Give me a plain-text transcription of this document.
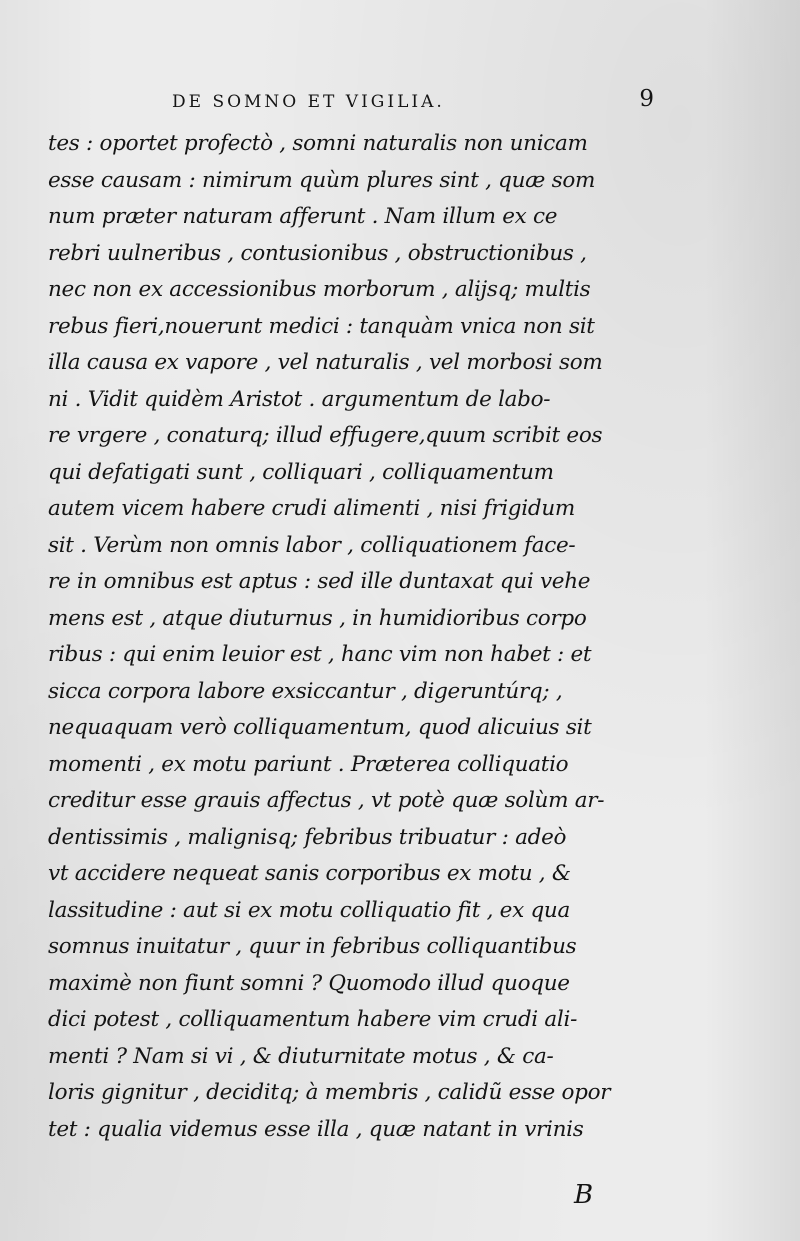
DE SOMNO ET VIGILIA.	9
tes : oportet profectò , somni naturalis non unicam
esse causam : nimirum quùm plures sint , quæ som
num præter naturam afferunt . Nam illum ex ce
rebri uulneribus , contusionibus , obstructionibus ,
nec non ex accessionibus morborum , alijsq; multis
rebus fieri,nouerunt medici : tanquàm vnica non sit
illa causa ex vapore , vel naturalis , vel morbosi som
ni . Vidit quidèm Aristot . argumentum de labo-
re vrgere , conaturq; illud effugere,quum scribit eos
qui defatigati sunt , colliquari , colliquamentum
autem vicem habere crudi alimenti , nisi frigidum
sit . Verùm non omnis labor , colliquationem face-
re in omnibus est aptus : sed ille duntaxat qui vehe
mens est , atque diuturnus , in humidioribus corpo
ribus : qui enim leuior est , hanc vim non habet : et
sicca corpora labore exsiccantur , digeruntúrq; ,
nequaquam verò colliquamentum, quod alicuius sit
momenti , ex motu pariunt . Præterea colliquatio
creditur esse grauis affectus , vt potè quæ solùm ar-
dentissimis , malignisq; febribus tribuatur : adeò
vt accidere nequeat sanis corporibus ex motu , &
lassitudine : aut si ex motu colliquatio fit , ex qua
somnus inuitatur , quur in febribus colliquantibus
maximè non fiunt somni ? Quomodo illud quoque
dici potest , colliquamentum habere vim crudi ali-
menti ? Nam si vi , & diuturnitate motus , & ca-
loris gignitur , deciditq; à membris , calidũ esse opor
tet : qualia videmus esse illa , quæ natant in vrinis
B
